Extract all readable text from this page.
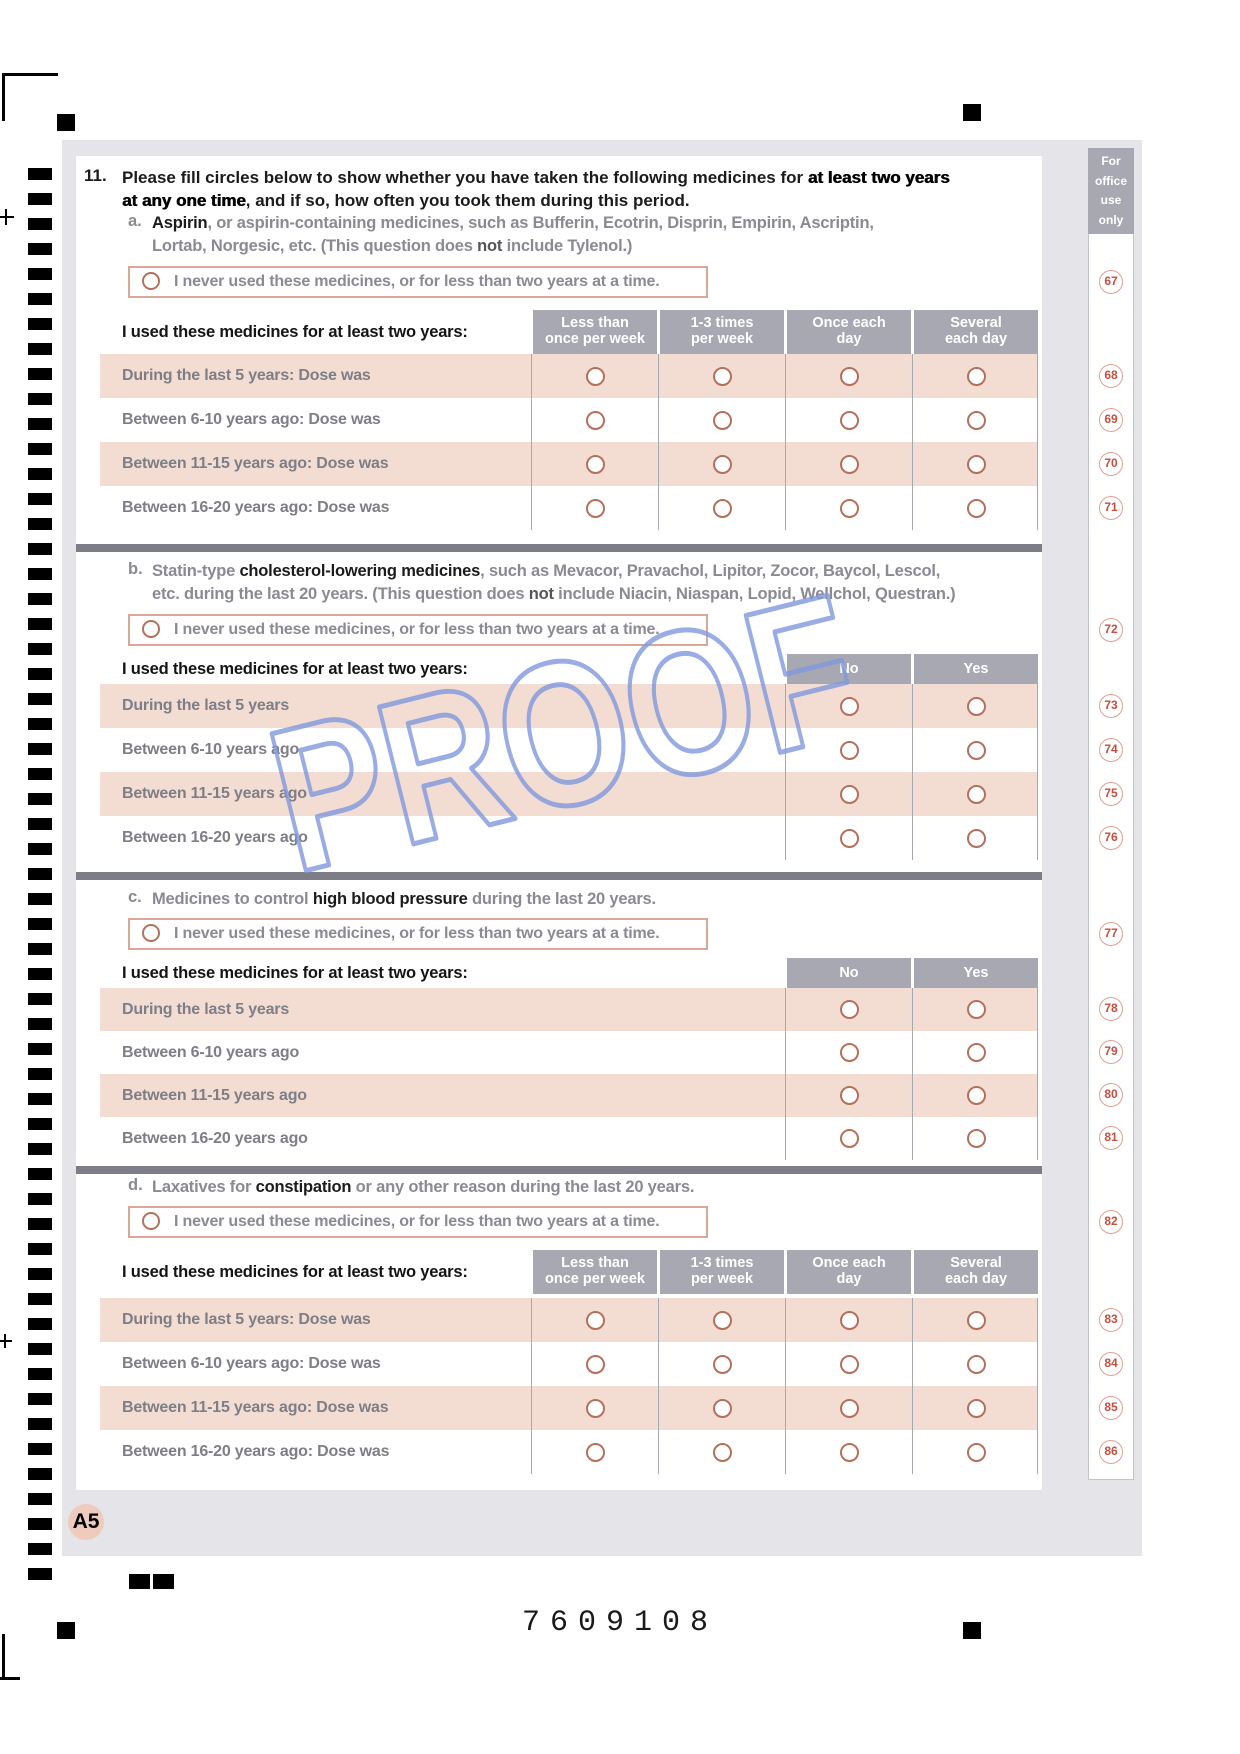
11. Please fill circles below to show whether you have taken the following medicines for at least two years
at any one time, and if so, how often you took them during this period.
a. Aspirin, or aspirin-containing medicines, such as Bufferin, Ecotrin, Disprin, Empirin, Ascriptin,
Lortab, Norgesic, etc. (This question does not include Tylenol.)
I never used these medicines, or for less than two years at a time.
I used these medicines for at least two years:	Less than
once per week
1-3 times
per week
Once each
day
Several
each day
During the last 5 years: Dose was
Between 6-10 years ago: Dose was
Between 11-15 years ago: Dose was
Between 16-20 years ago: Dose was
b. Statin-type cholesterol-lowering medicines, such as Mevacor, Pravachol, Lipitor, Zocor, Baycol, Lescol,
etc. during the last 20 years. (This question does not include Niacin, Niaspan, Lopid, Wellchol, Questran.)
I never used these medicines, or for less than two years at a time.
I used these medicines for at least two years:	No	Yes
During the last 5 years
Between 6-10 years ago
Between 11-15 years ago
Between 16-20 years ago
c. Medicines to control high blood pressure during the last 20 years.
I never used these medicines, or for less than two years at a time.
I used these medicines for at least two years:	No	Yes
During the last 5 years
Between 6-10 years ago
Between 11-15 years ago
Between 16-20 years ago
d. Laxatives for constipation or any other reason during the last 20 years.
I never used these medicines, or for less than two years at a time.
I used these medicines for at least two years:	Less than
once per week
1-3 times
per week
Once each
day
Several
each day
During the last 5 years: Dose was
Between 6-10 years ago: Dose was
Between 11-15 years ago: Dose was
Between 16-20 years ago: Dose was
For
office
use
only
67
68
69
70
71
72
73
74
75
76
77
78
79
80
81
82
83
84
85
86
A5
7609108
PROOF
